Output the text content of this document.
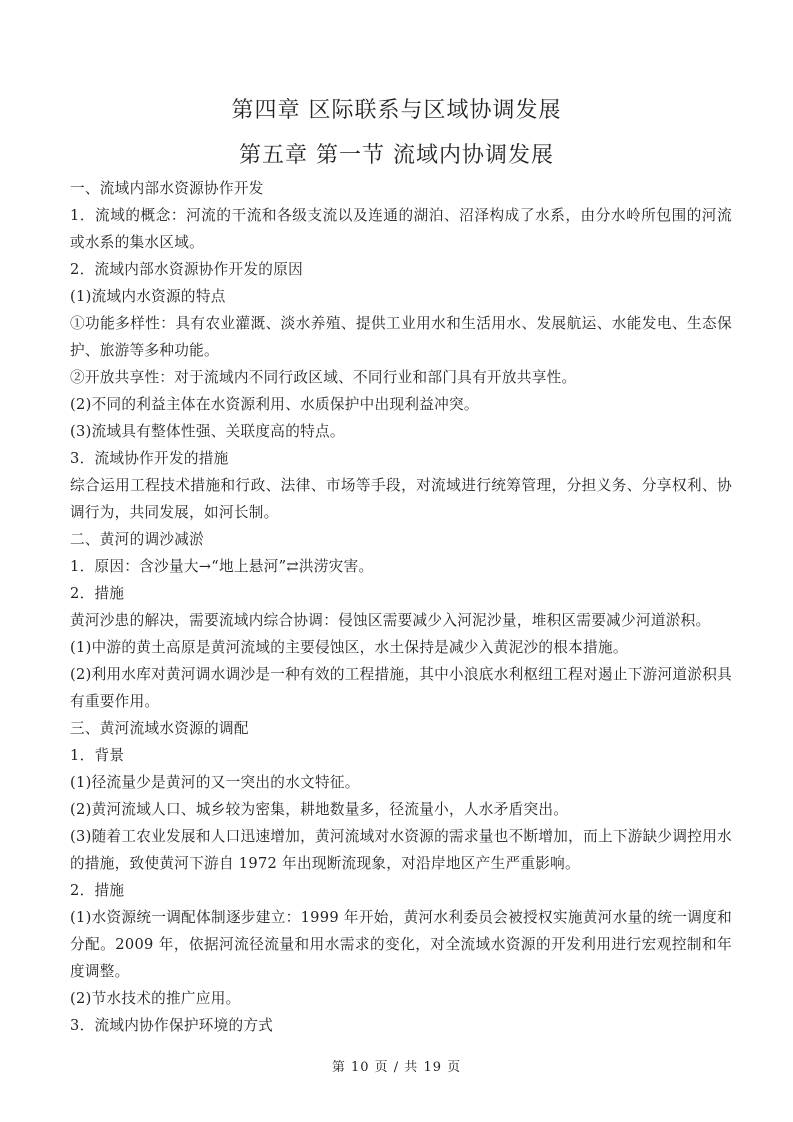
第四章 区际联系与区域协调发展
第五章 第一节 流域内协调发展

一、流域内部水资源协作开发

1．流域的概念：河流的干流和各级支流以及连通的湖泊、沼泽构成了水系，由分水岭所包围的河流或水系的集水区域。

2．流域内部水资源协作开发的原因

(1)流域内水资源的特点

①功能多样性：具有农业灌溉、淡水养殖、提供工业用水和生活用水、发展航运、水能发电、生态保护、旅游等多种功能。

②开放共享性：对于流域内不同行政区域、不同行业和部门具有开放共享性。

(2)不同的利益主体在水资源利用、水质保护中出现利益冲突。

(3)流域具有整体性强、关联度高的特点。

3．流域协作开发的措施

综合运用工程技术措施和行政、法律、市场等手段，对流域进行统筹管理，分担义务、分享权利、协调行为，共同发展，如河长制。

二、黄河的调沙减淤

1．原因：含沙量大→“地上悬河”⇄洪涝灾害。

2．措施

黄河沙患的解决，需要流域内综合协调：侵蚀区需要减少入河泥沙量，堆积区需要减少河道淤积。

(1)中游的黄土高原是黄河流域的主要侵蚀区，水土保持是减少入黄泥沙的根本措施。

(2)利用水库对黄河调水调沙是一种有效的工程措施，其中小浪底水利枢纽工程对遏止下游河道淤积具有重要作用。

三、黄河流域水资源的调配

1．背景

(1)径流量少是黄河的又一突出的水文特征。

(2)黄河流域人口、城乡较为密集，耕地数量多，径流量小，人水矛盾突出。

(3)随着工农业发展和人口迅速增加，黄河流域对水资源的需求量也不断增加，而上下游缺少调控用水的措施，致使黄河下游自 1972 年出现断流现象，对沿岸地区产生严重影响。

2．措施

(1)水资源统一调配体制逐步建立：1999 年开始，黄河水利委员会被授权实施黄河水量的统一调度和分配。2009 年，依据河流径流量和用水需求的变化，对全流域水资源的开发利用进行宏观控制和年度调整。

(2)节水技术的推广应用。

3．流域内协作保护环境的方式

第 10 页 / 共 19 页
